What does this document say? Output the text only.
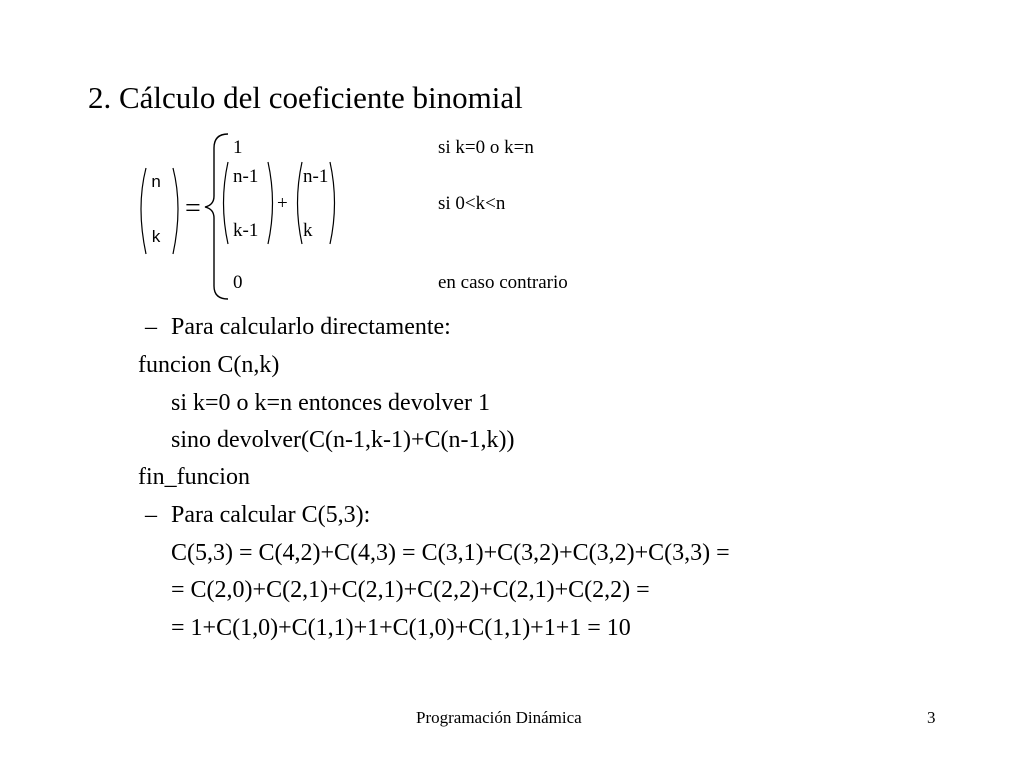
2. Cálculo del coeficiente binomial
n
k
=
1	si k=0 o k=n
n-1
k-1
+
n-1
k
si 0<k<n
0	en caso contrario
– Para calcularlo directamente:
funcion C(n,k)
si k=0 o k=n entonces devolver 1
sino devolver(C(n-1,k-1)+C(n-1,k))
fin_funcion
– Para calcular C(5,3):
C(5,3) = C(4,2)+C(4,3) = C(3,1)+C(3,2)+C(3,2)+C(3,3) =
= C(2,0)+C(2,1)+C(2,1)+C(2,2)+C(2,1)+C(2,2) =
= 1+C(1,0)+C(1,1)+1+C(1,0)+C(1,1)+1+1 = 10
Programación Dinámica	3
